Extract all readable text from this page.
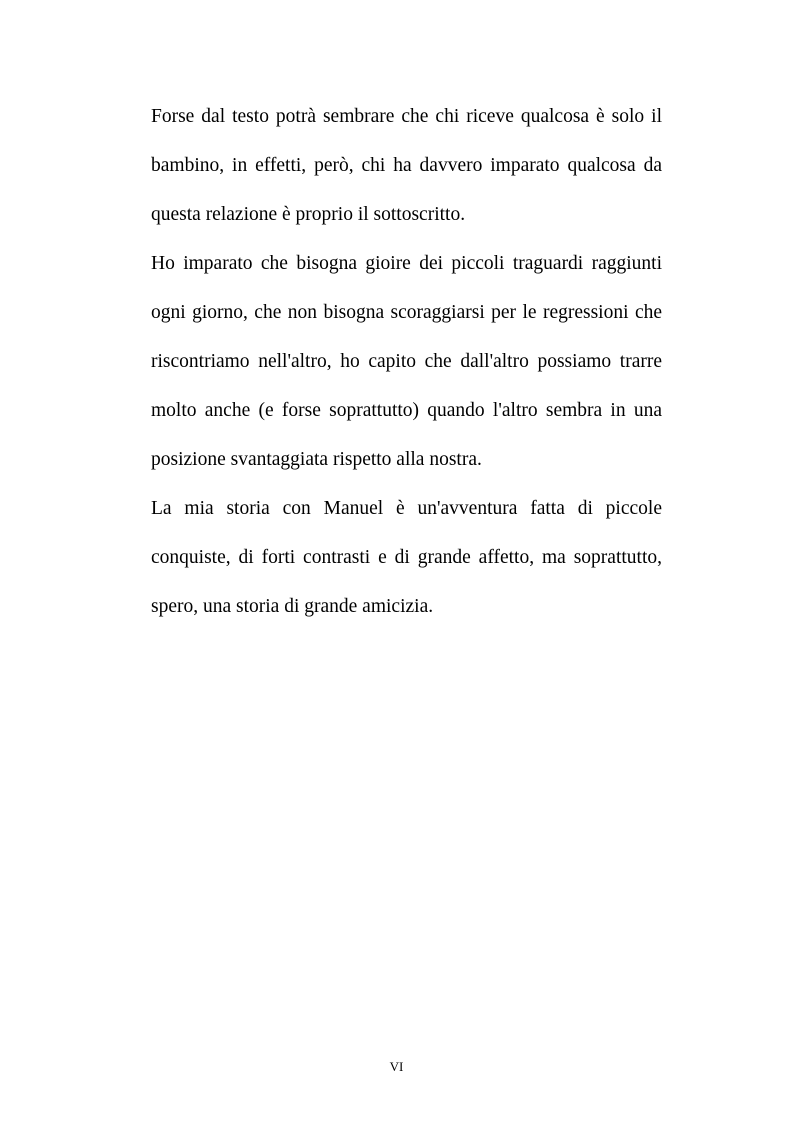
Forse dal testo potrà sembrare che chi riceve qualcosa è solo il bambino, in effetti, però, chi ha davvero imparato qualcosa da questa relazione è proprio il sottoscritto.

Ho imparato che bisogna gioire dei piccoli traguardi raggiunti ogni giorno, che non bisogna scoraggiarsi per le regressioni che riscontriamo nell'altro, ho capito che dall'altro possiamo trarre molto anche (e forse soprattutto) quando l'altro sembra in una posizione svantaggiata rispetto alla nostra.

La mia storia con Manuel è un'avventura fatta di piccole conquiste, di forti contrasti e di grande affetto, ma soprattutto, spero, una storia di grande amicizia.

VI
